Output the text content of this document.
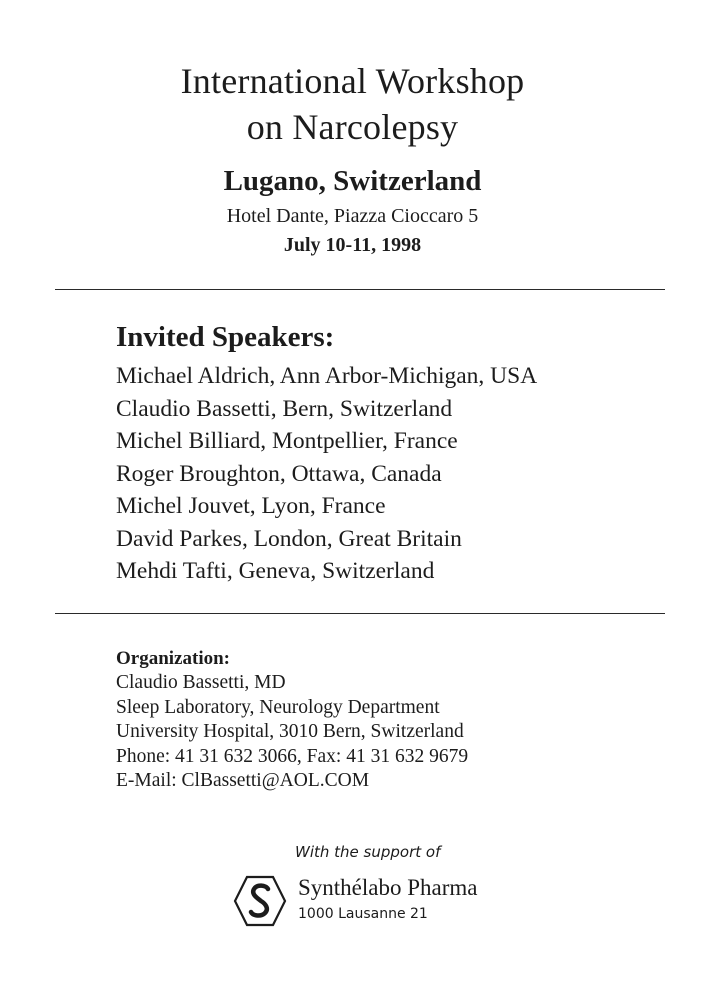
International Workshop
on Narcolepsy
Lugano, Switzerland
Hotel Dante, Piazza Cioccaro 5
July 10-11, 1998
Invited Speakers:
Michael Aldrich, Ann Arbor-Michigan, USA
Claudio Bassetti, Bern, Switzerland
Michel Billiard, Montpellier, France
Roger Broughton, Ottawa, Canada
Michel Jouvet, Lyon, France
David Parkes, London, Great Britain
Mehdi Tafti, Geneva, Switzerland
Organization:
Claudio Bassetti, MD
Sleep Laboratory, Neurology Department
University Hospital, 3010 Bern, Switzerland
Phone: 41 31 632 3066, Fax: 41 31 632 9679
E-Mail: ClBassetti@AOL.COM
With the support of
Synthélabo Pharma
1000 Lausanne 21
